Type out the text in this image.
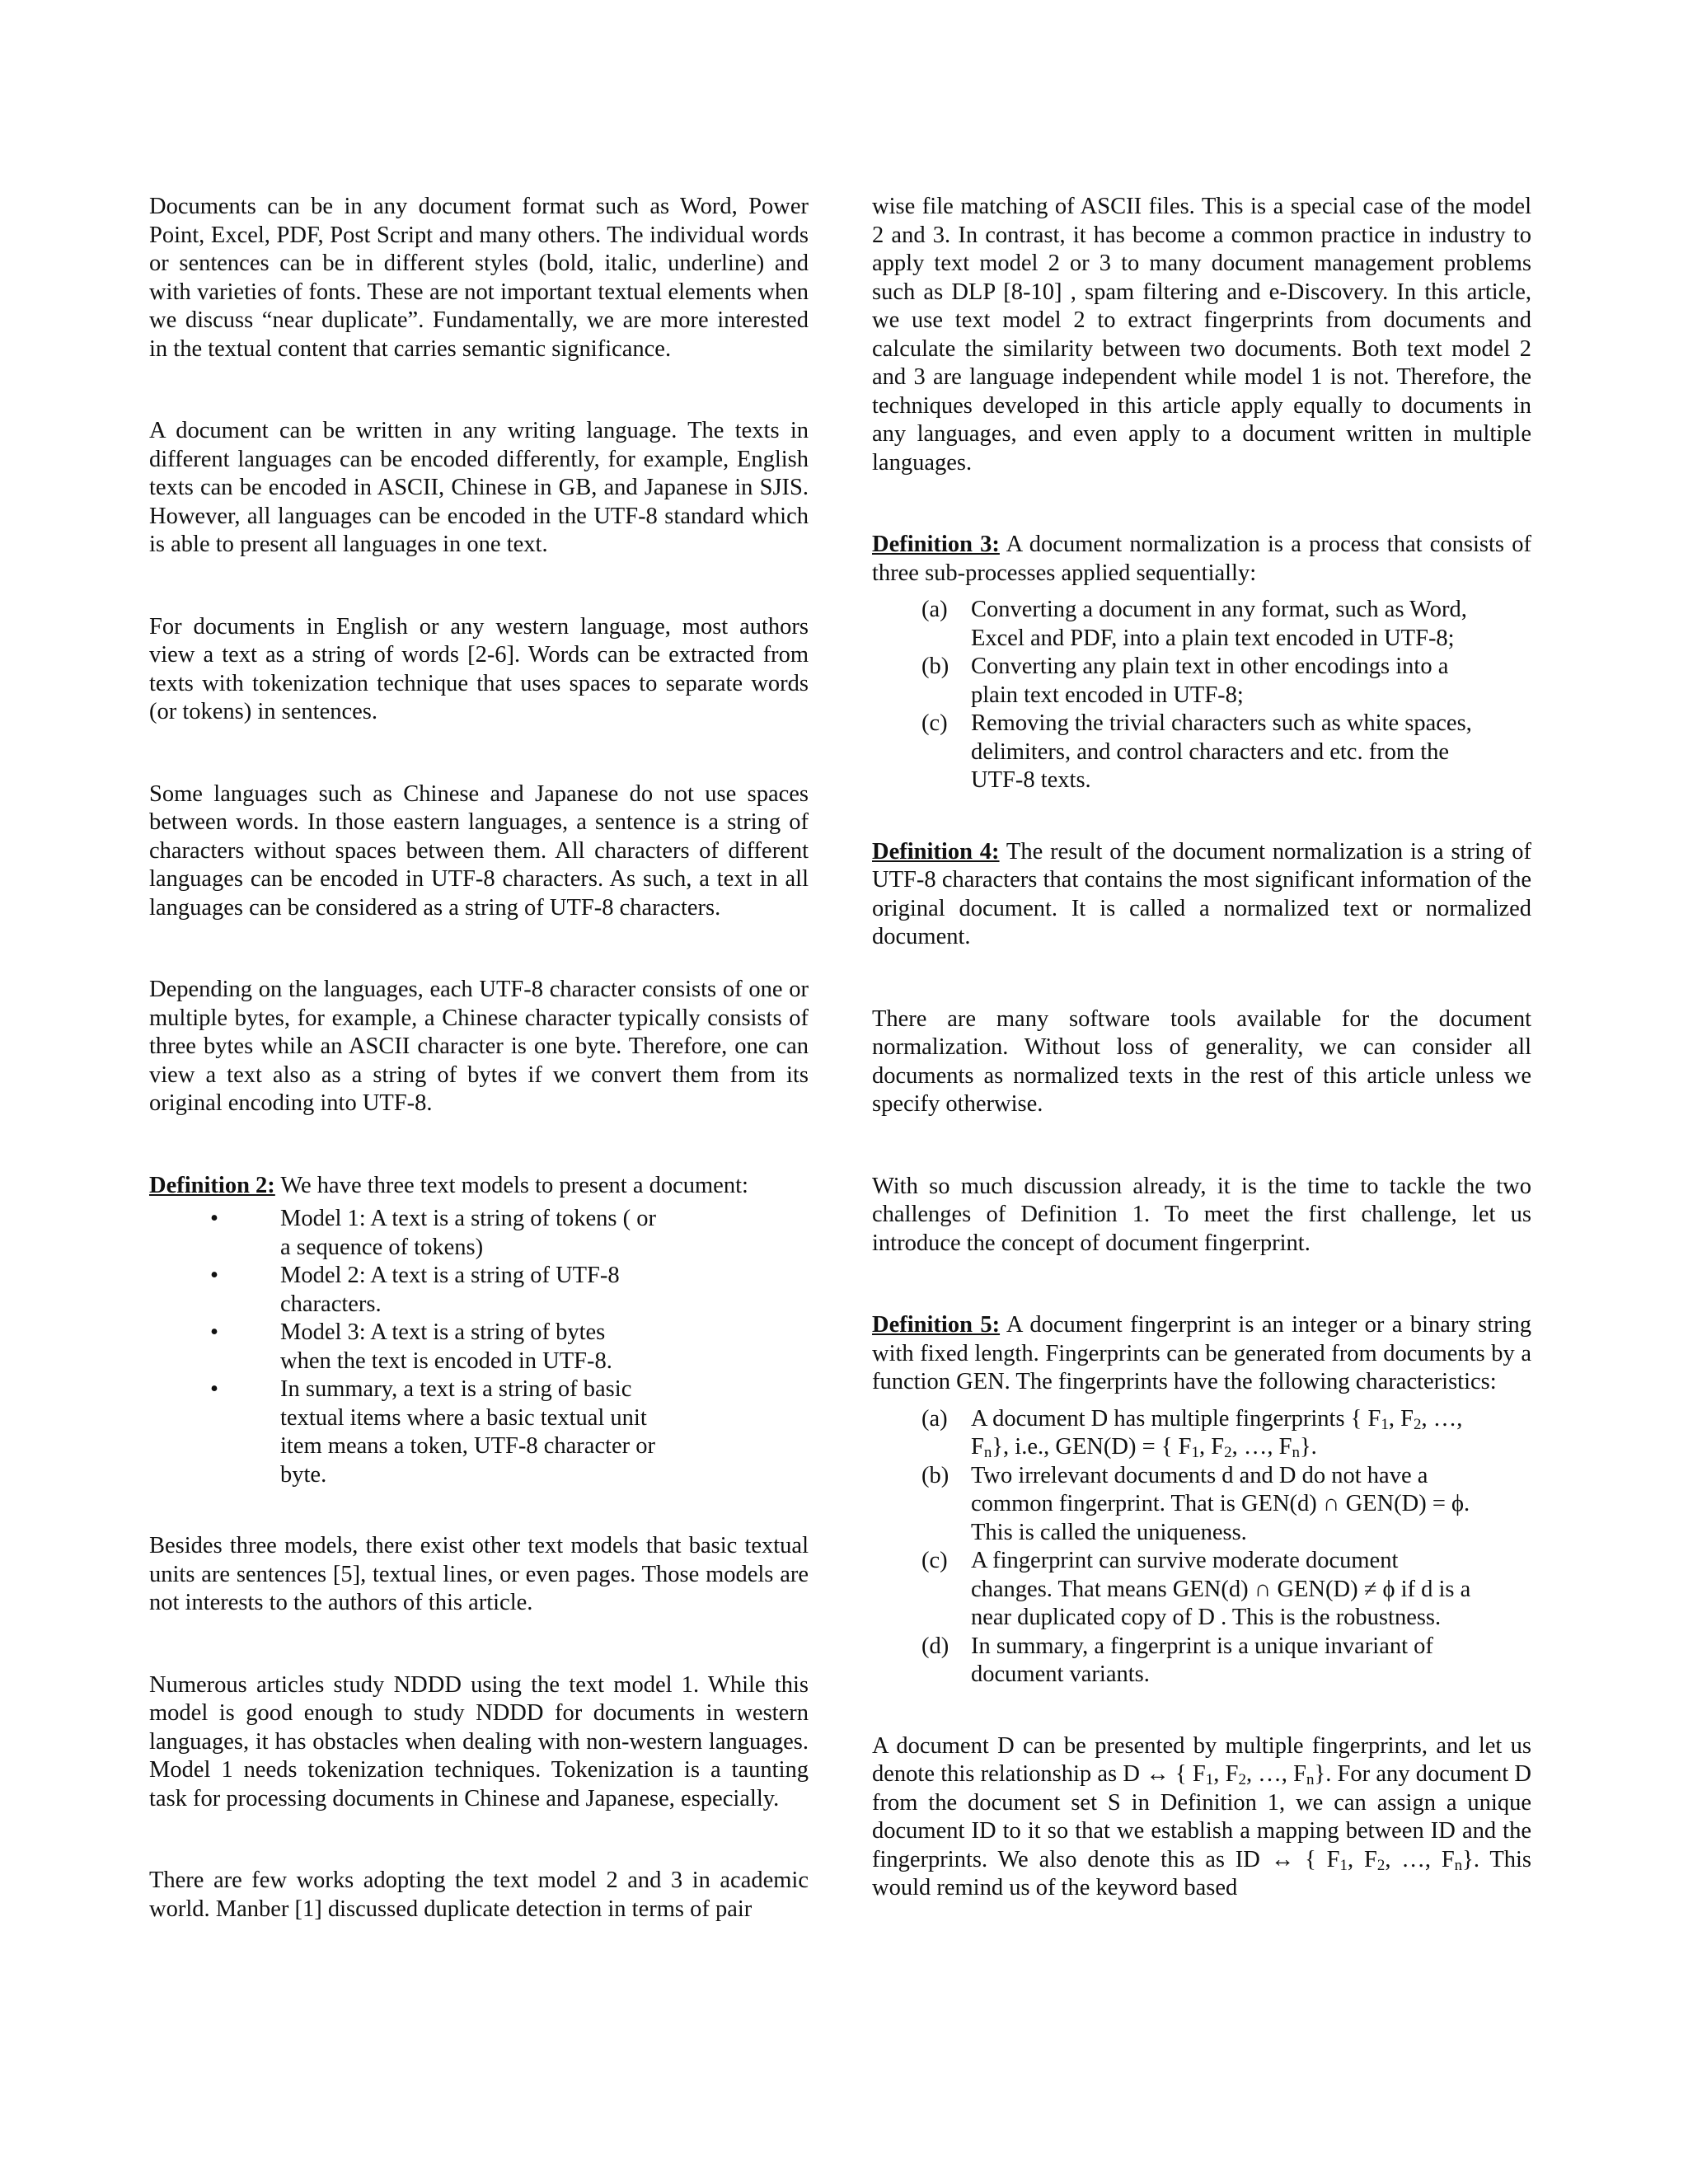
Documents can be in any document format such as Word, Power Point, Excel, PDF, Post Script and many others. The individual words or sentences can be in different styles (bold, italic, underline) and with varieties of fonts. These are not important textual elements when we discuss “near duplicate”. Fundamentally, we are more interested in the textual content that carries semantic significance.

A document can be written in any writing language. The texts in different languages can be encoded differently, for example, English texts can be encoded in ASCII, Chinese in GB, and Japanese in SJIS. However, all languages can be encoded in the UTF-8 standard which is able to present all languages in one text.

For documents in English or any western language, most authors view a text as a string of words [2-6]. Words can be extracted from texts with tokenization technique that uses spaces to separate words (or tokens) in sentences.

Some languages such as Chinese and Japanese do not use spaces between words. In those eastern languages, a sentence is a string of characters without spaces between them. All characters of different languages can be encoded in UTF-8 characters. As such, a text in all languages can be considered as a string of UTF-8 characters.

Depending on the languages, each UTF-8 character consists of one or multiple bytes, for example, a Chinese character typically consists of three bytes while an ASCII character is one byte. Therefore, one can view a text also as a string of bytes if we convert them from its original encoding into UTF-8.

Definition 2: We have three text models to present a document:

•	Model 1: A text is a string of tokens ( or a sequence of tokens)
•	Model 2: A text is a string of UTF-8 characters.
•	Model 3: A text is a string of bytes when the text is encoded in UTF-8.
•	In summary, a text is a string of basic textual items where a basic textual unit item means a token, UTF-8 character or byte.

Besides three models, there exist other text models that basic textual units are sentences [5], textual lines, or even pages. Those models are not interests to the authors of this article.

Numerous articles study NDDD using the text model 1. While this model is good enough to study NDDD for documents in western languages, it has obstacles when dealing with non-western languages. Model 1 needs tokenization techniques. Tokenization is a taunting task for processing documents in Chinese and Japanese, especially.

There are few works adopting the text model 2 and 3 in academic world. Manber [1] discussed duplicate detection in terms of pair

wise file matching of ASCII files. This is a special case of the model 2 and 3. In contrast, it has become a common practice in industry to apply text model 2 or 3 to many document management problems such as DLP [8-10] , spam filtering and e-Discovery. In this article, we use text model 2 to extract fingerprints from documents and calculate the similarity between two documents. Both text model 2 and 3 are language independent while model 1 is not. Therefore, the techniques developed in this article apply equally to documents in any languages, and even apply to a document written in multiple languages.

Definition 3: A document normalization is a process that consists of three sub-processes applied sequentially:

(a) Converting a document in any format, such as Word, Excel and PDF, into a plain text encoded in UTF-8;
(b) Converting any plain text in other encodings into a plain text encoded in UTF-8;
(c) Removing the trivial characters such as white spaces, delimiters, and control characters and etc. from the UTF-8 texts.

Definition 4: The result of the document normalization is a string of UTF-8 characters that contains the most significant information of the original document. It is called a normalized text or normalized document.

There are many software tools available for the document normalization. Without loss of generality, we can consider all documents as normalized texts in the rest of this article unless we specify otherwise.

With so much discussion already, it is the time to tackle the two challenges of Definition 1. To meet the first challenge, let us introduce the concept of document fingerprint.

Definition 5: A document fingerprint is an integer or a binary string with fixed length. Fingerprints can be generated from documents by a function GEN. The fingerprints have the following characteristics:

(a) A document D has multiple fingerprints { $F_1$, $F_2$, …, $F_n$}, i.e., GEN(D) = { $F_1$, $F_2$, …, $F_n$}.
(b) Two irrelevant documents d and D do not have a common fingerprint. That is GEN(d) ∩ GEN(D) = ϕ. This is called the uniqueness.
(c) A fingerprint can survive moderate document changes. That means GEN(d) ∩ GEN(D) ≠ ϕ if d is a near duplicated copy of D . This is the robustness.
(d) In summary, a fingerprint is a unique invariant of document variants.

A document D can be presented by multiple fingerprints, and let us denote this relationship as D ↔ { $F_1$, $F_2$, …, $F_n$}. For any document D from the document set S in Definition 1, we can assign a unique document ID to it so that we establish a mapping between ID and the fingerprints. We also denote this as ID ↔ { $F_1$, $F_2$, …, $F_n$}. This would remind us of the keyword based
